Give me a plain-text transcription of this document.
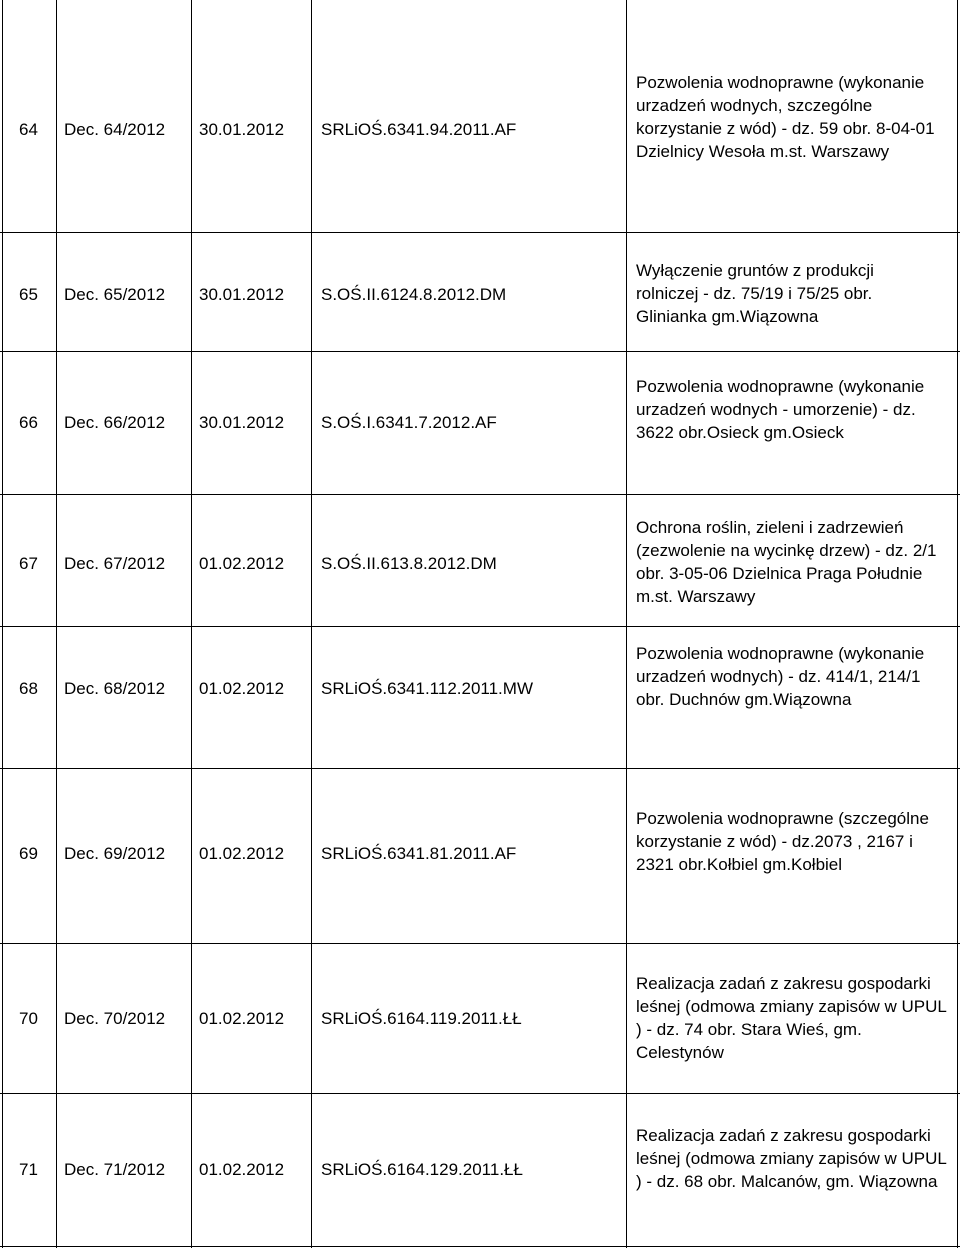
64 Dec. 64/2012 30.01.2012 SRLiOŚ.6341.94.2011.AF
Pozwolenia wodnoprawne (wykonanie urzadzeń wodnych, szczególne korzystanie z wód) - dz. 59 obr. 8-04-01 Dzielnicy Wesoła m.st. Warszawy
65 Dec. 65/2012 30.01.2012 S.OŚ.II.6124.8.2012.DM
Wyłączenie gruntów z produkcji rolniczej - dz. 75/19 i 75/25 obr. Glinianka gm.Wiązowna
66 Dec. 66/2012 30.01.2012 S.OŚ.I.6341.7.2012.AF
Pozwolenia wodnoprawne (wykonanie urzadzeń wodnych - umorzenie) - dz. 3622 obr.Osieck gm.Osieck
67 Dec. 67/2012 01.02.2012 S.OŚ.II.613.8.2012.DM
Ochrona roślin, zieleni i zadrzewień (zezwolenie na wycinkę drzew) - dz. 2/1 obr. 3-05-06 Dzielnica Praga Południe m.st. Warszawy
68 Dec. 68/2012 01.02.2012 SRLiOŚ.6341.112.2011.MW
Pozwolenia wodnoprawne (wykonanie urzadzeń wodnych) - dz. 414/1, 214/1 obr. Duchnów gm.Wiązowna
69 Dec. 69/2012 01.02.2012 SRLiOŚ.6341.81.2011.AF
Pozwolenia wodnoprawne (szczególne korzystanie z wód) - dz.2073 , 2167 i 2321 obr.Kołbiel gm.Kołbiel
70 Dec. 70/2012 01.02.2012 SRLiOŚ.6164.119.2011.ŁŁ
Realizacja zadań z zakresu gospodarki leśnej (odmowa zmiany zapisów w UPUL ) - dz. 74 obr. Stara Wieś, gm. Celestynów
71 Dec. 71/2012 01.02.2012 SRLiOŚ.6164.129.2011.ŁŁ
Realizacja zadań z zakresu gospodarki leśnej (odmowa zmiany zapisów w UPUL ) - dz. 68 obr. Malcanów, gm. Wiązowna
